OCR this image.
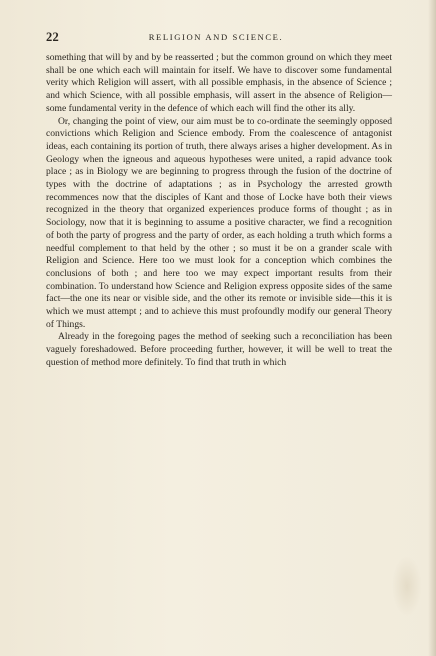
22	RELIGION AND SCIENCE.

something that will by and by be reasserted ; but the common ground on which they meet shall be one which each will maintain for itself. We have to discover some fundamental verity which Religion will assert, with all possible emphasis, in the absence of Science ; and which Science, with all possible emphasis, will assert in the absence of Religion—some fundamental verity in the defence of which each will find the other its ally.

Or, changing the point of view, our aim must be to co-ordinate the seemingly opposed convictions which Religion and Science embody. From the coalescence of antagonist ideas, each containing its portion of truth, there always arises a higher development. As in Geology when the igneous and aqueous hypotheses were united, a rapid advance took place ; as in Biology we are beginning to progress through the fusion of the doctrine of types with the doctrine of adaptations ; as in Psychology the arrested growth recommences now that the disciples of Kant and those of Locke have both their views recognized in the theory that organized experiences produce forms of thought ; as in Sociology, now that it is beginning to assume a positive character, we find a recognition of both the party of progress and the party of order, as each holding a truth which forms a needful complement to that held by the other ; so must it be on a grander scale with Religion and Science. Here too we must look for a conception which combines the conclusions of both ; and here too we may expect important results from their combination. To understand how Science and Religion express opposite sides of the same fact—the one its near or visible side, and the other its remote or invisible side—this it is which we must attempt ; and to achieve this must profoundly modify our general Theory of Things.

Already in the foregoing pages the method of seeking such a reconciliation has been vaguely foreshadowed. Before proceeding further, however, it will be well to treat the question of method more definitely. To find that truth in which
